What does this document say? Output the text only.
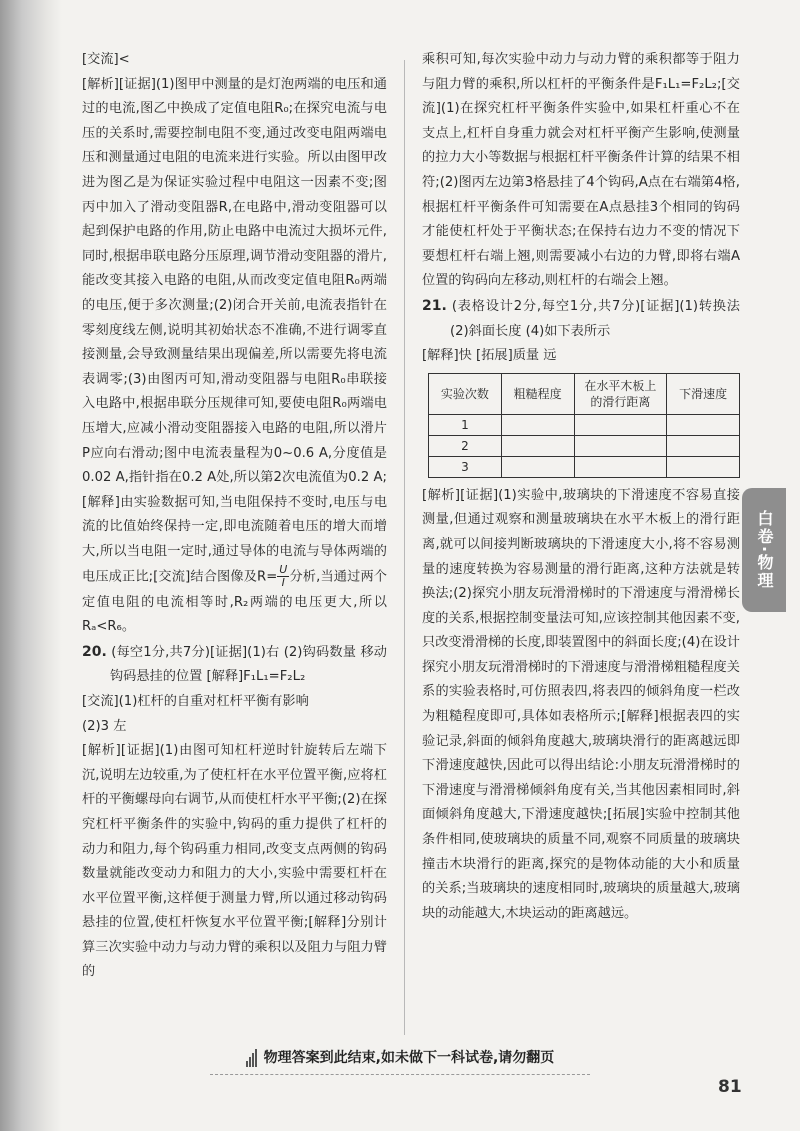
[交流]<

[解析][证据](1)图甲中测量的是灯泡两端的电压和通过的电流,图乙中换成了定值电阻R₀;在探究电流与电压的关系时,需要控制电阻不变,通过改变电阻两端电压和测量通过电阻的电流来进行实验。所以由图甲改进为图乙是为保证实验过程中电阻这一因素不变;图丙中加入了滑动变阻器R,在电路中,滑动变阻器可以起到保护电路的作用,防止电路中电流过大损坏元件,同时,根据串联电路分压原理,调节滑动变阻器的滑片,能改变其接入电路的电阻,从而改变定值电阻R₀两端的电压,便于多次测量;(2)闭合开关前,电流表指针在零刻度线左侧,说明其初始状态不准确,不进行调零直接测量,会导致测量结果出现偏差,所以需要先将电流表调零;(3)由图丙可知,滑动变阻器与电阻R₀串联接入电路中,根据串联分压规律可知,要使电阻R₀两端电压增大,应减小滑动变阻器接入电路的电阻,所以滑片P应向右滑动;图中电流表量程为0~0.6 A,分度值是0.02 A,指针指在0.2 A处,所以第2次电流值为0.2 A;[解释]由实验数据可知,当电阻保持不变时,电压与电流的比值始终保持一定,即电流随着电压的增大而增大,所以当电阻一定时,通过导体的电流与导体两端的电压成正比;[交流]结合图像及$R= \frac{U}{I}$ 分析,当通过两个定值电阻的电流相等时,R₂两端的电压更大,所以Rₐ<R₆。

20. (每空1分,共7分)[证据](1)右 (2)钩码数量 移动钩码悬挂的位置 [解释]F₁L₁=F₂L₂

[交流](1)杠杆的自重对杠杆平衡有影响

(2)3 左

[解析][证据](1)由图可知杠杆逆时针旋转后左端下沉,说明左边较重,为了使杠杆在水平位置平衡,应将杠杆的平衡螺母向右调节,从而使杠杆水平平衡;(2)在探究杠杆平衡条件的实验中,钩码的重力提供了杠杆的动力和阻力,每个钩码重力相同,改变支点两侧的钩码数量就能改变动力和阻力的大小,实验中需要杠杆在水平位置平衡,这样便于测量力臂,所以通过移动钩码悬挂的位置,使杠杆恢复水平位置平衡;[解释]分别计算三次实验中动力与动力臂的乘积以及阻力与阻力臂的

乘积可知,每次实验中动力与动力臂的乘积都等于阻力与阻力臂的乘积,所以杠杆的平衡条件是F₁L₁=F₂L₂;[交流](1)在探究杠杆平衡条件实验中,如果杠杆重心不在支点上,杠杆自身重力就会对杠杆平衡产生影响,使测量的拉力大小等数据与根据杠杆平衡条件计算的结果不相符;(2)图丙左边第3格悬挂了4个钩码,A点在右端第4格,根据杠杆平衡条件可知需要在A点悬挂3个相同的钩码才能使杠杆处于平衡状态;在保持右边力不变的情况下要想杠杆右端上翘,则需要减小右边的力臂,即将右端A位置的钩码向左移动,则杠杆的右端会上翘。

21. (表格设计2分,每空1分,共7分)[证据](1)转换法 (2)斜面长度 (4)如下表所示

[解释]快 [拓展]质量 远

实验次数	粗糙程度	在水平木板上的滑行距离	下滑速度
1			
2			
3			

[解析][证据](1)实验中,玻璃块的下滑速度不容易直接测量,但通过观察和测量玻璃块在水平木板上的滑行距离,就可以间接判断玻璃块的下滑速度大小,将不容易测量的速度转换为容易测量的滑行距离,这种方法就是转换法;(2)探究小朋友玩滑滑梯时的下滑速度与滑滑梯长度的关系,根据控制变量法可知,应该控制其他因素不变,只改变滑滑梯的长度,即装置图中的斜面长度;(4)在设计探究小朋友玩滑滑梯时的下滑速度与滑滑梯粗糙程度关系的实验表格时,可仿照表四,将表四的倾斜角度一栏改为粗糙程度即可,具体如表格所示;[解释]根据表四的实验记录,斜面的倾斜角度越大,玻璃块滑行的距离越远即下滑速度越快,因此可以得出结论:小朋友玩滑滑梯时的下滑速度与滑滑梯倾斜角度有关,当其他因素相同时,斜面倾斜角度越大,下滑速度越快;[拓展]实验中控制其他条件相同,使玻璃块的质量不同,观察不同质量的玻璃块撞击木块滑行的距离,探究的是物体动能的大小和质量的关系;当玻璃块的速度相同时,玻璃块的质量越大,玻璃块的动能越大,木块运动的距离越远。

白卷·物理
物理答案到此结束,如未做下一科试卷,请勿翻页
81
